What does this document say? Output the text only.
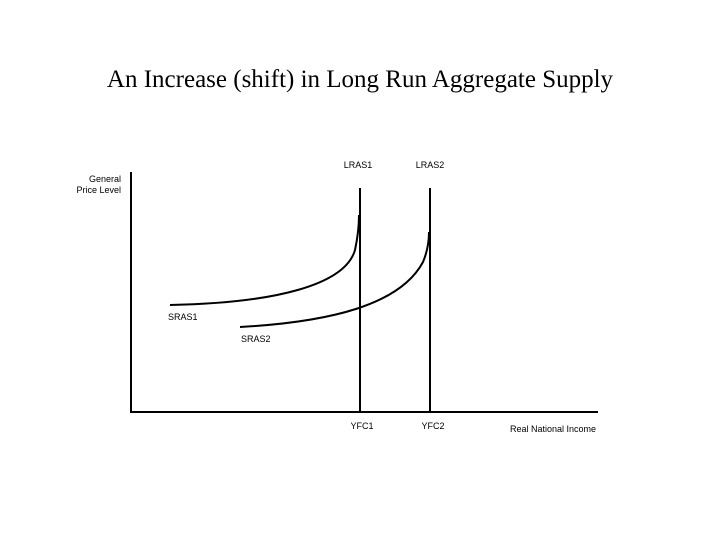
An Increase (shift) in Long Run Aggregate Supply
General
Price Level
LRAS1	LRAS2
SRAS1
SRAS2
YFC1	YFC2	Real National Income
